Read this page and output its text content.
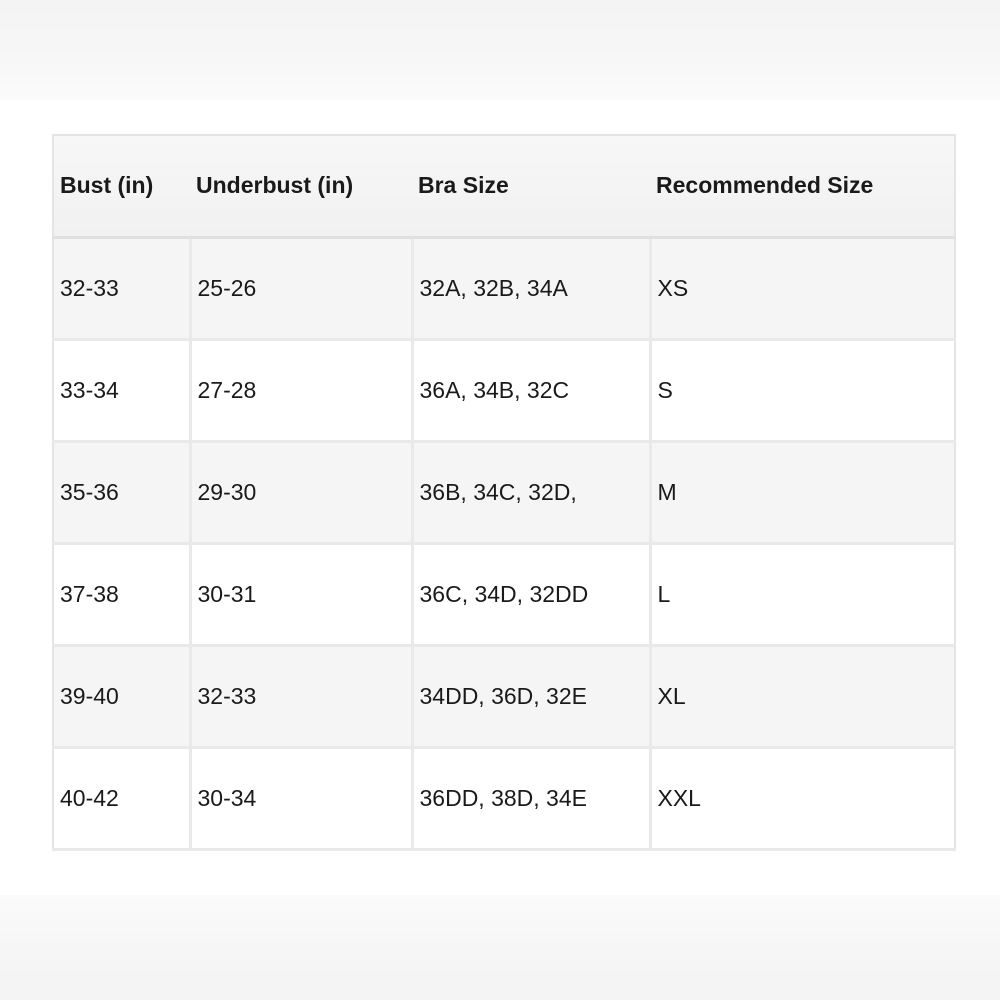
Bust (in)	Underbust (in)	Bra Size	Recommended Size
32-33	25-26	32A, 32B, 34A	XS
33-34	27-28	36A, 34B, 32C	S
35-36	29-30	36B, 34C, 32D,	M
37-38	30-31	36C, 34D, 32DD	L
39-40	32-33	34DD, 36D, 32E	XL
40-42	30-34	36DD, 38D, 34E	XXL
